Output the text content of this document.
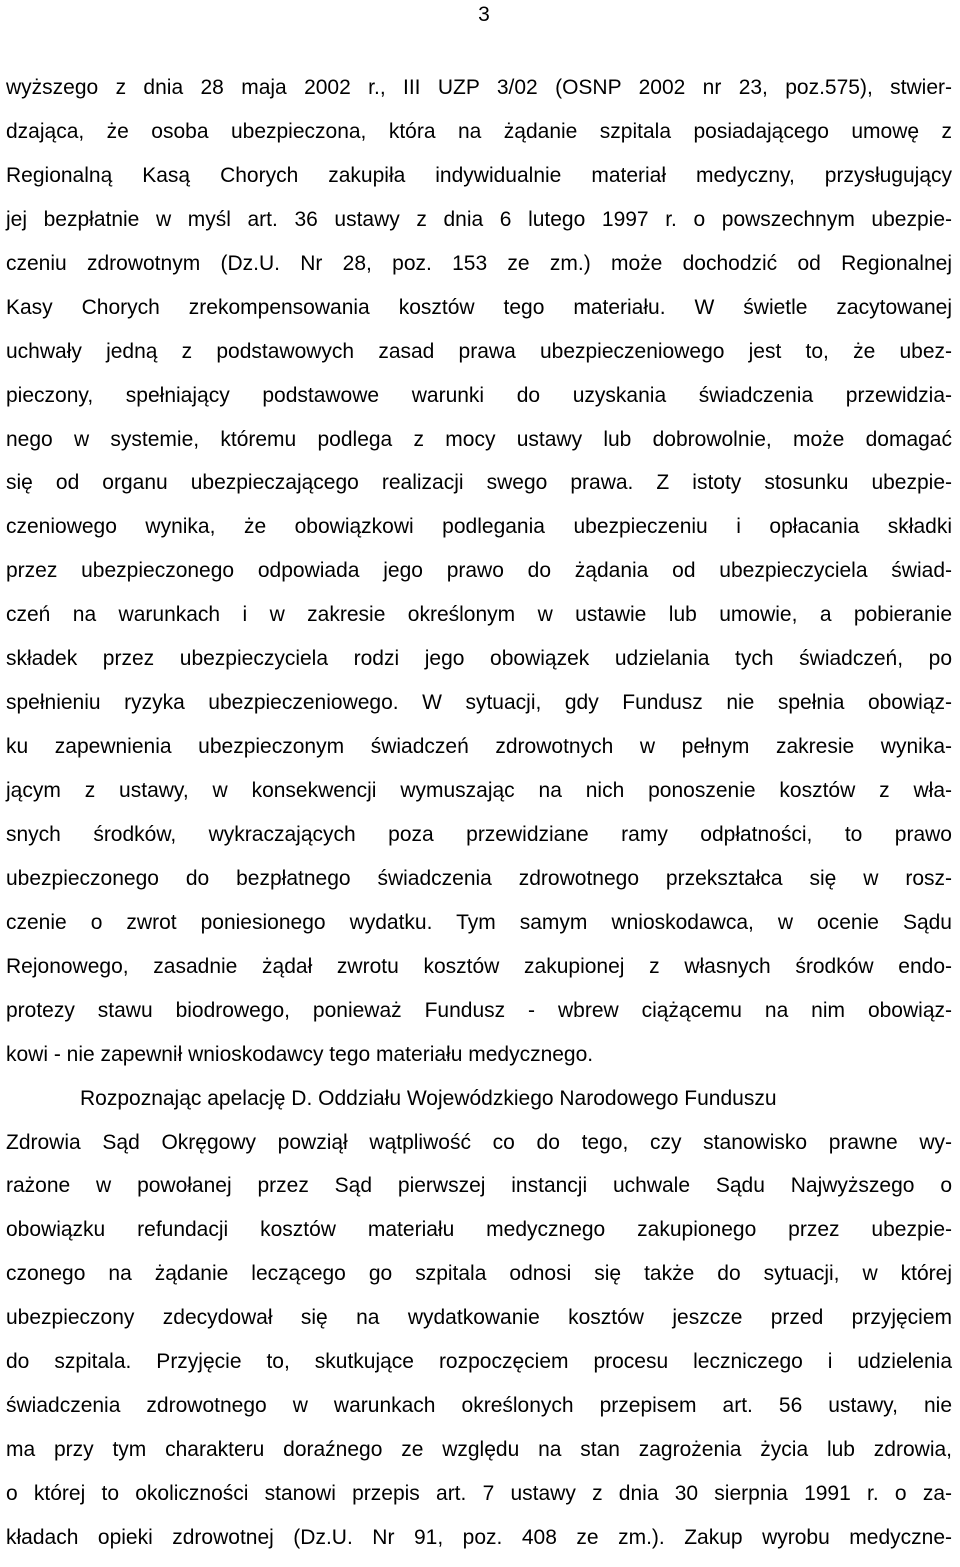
3
wyższego z dnia 28 maja 2002 r., III UZP 3/02 (OSNP 2002 nr 23, poz.575), stwier-
dzająca, że osoba ubezpieczona, która na żądanie szpitala posiadającego umowę z
Regionalną Kasą Chorych zakupiła indywidualnie materiał medyczny, przysługujący
jej bezpłatnie w myśl art. 36 ustawy z dnia 6 lutego 1997 r. o powszechnym ubezpie-
czeniu zdrowotnym (Dz.U. Nr 28, poz. 153 ze zm.) może dochodzić od Regionalnej
Kasy Chorych zrekompensowania kosztów tego materiału. W świetle zacytowanej
uchwały jedną z podstawowych zasad prawa ubezpieczeniowego jest to, że ubez-
pieczony, spełniający podstawowe warunki do uzyskania świadczenia przewidzia-
nego w systemie, któremu podlega z mocy ustawy lub dobrowolnie, może domagać
się od organu ubezpieczającego realizacji swego prawa. Z istoty stosunku ubezpie-
czeniowego wynika, że obowiązkowi podlegania ubezpieczeniu i opłacania składki
przez ubezpieczonego odpowiada jego prawo do żądania od ubezpieczyciela świad-
czeń na warunkach i w zakresie określonym w ustawie lub umowie, a pobieranie
składek przez ubezpieczyciela rodzi jego obowiązek udzielania tych świadczeń, po
spełnieniu ryzyka ubezpieczeniowego. W sytuacji, gdy Fundusz nie spełnia obowiąz-
ku zapewnienia ubezpieczonym świadczeń zdrowotnych w pełnym zakresie wynika-
jącym z ustawy, w konsekwencji wymuszając na nich ponoszenie kosztów z wła-
snych środków, wykraczających poza przewidziane ramy odpłatności, to prawo
ubezpieczonego do bezpłatnego świadczenia zdrowotnego przekształca się w rosz-
czenie o zwrot poniesionego wydatku. Tym samym wnioskodawca, w ocenie Sądu
Rejonowego, zasadnie żądał zwrotu kosztów zakupionej z własnych środków endo-
protezy stawu biodrowego, ponieważ Fundusz - wbrew ciążącemu na nim obowiąz-
kowi - nie zapewnił wnioskodawcy tego materiału medycznego.
Rozpoznając apelację D. Oddziału Wojewódzkiego Narodowego Funduszu
Zdrowia Sąd Okręgowy powziął wątpliwość co do tego, czy stanowisko prawne wy-
rażone w powołanej przez Sąd pierwszej instancji uchwale Sądu Najwyższego o
obowiązku refundacji kosztów materiału medycznego zakupionego przez ubezpie-
czonego na żądanie leczącego go szpitala odnosi się także do sytuacji, w której
ubezpieczony zdecydował się na wydatkowanie kosztów jeszcze przed przyjęciem
do szpitala. Przyjęcie to, skutkujące rozpoczęciem procesu leczniczego i udzielenia
świadczenia zdrowotnego w warunkach określonych przepisem art. 56 ustawy, nie
ma przy tym charakteru doraźnego ze względu na stan zagrożenia życia lub zdrowia,
o której to okoliczności stanowi przepis art. 7 ustawy z dnia 30 sierpnia 1991 r. o za-
kładach opieki zdrowotnej (Dz.U. Nr 91, poz. 408 ze zm.). Zakup wyrobu medyczne-
